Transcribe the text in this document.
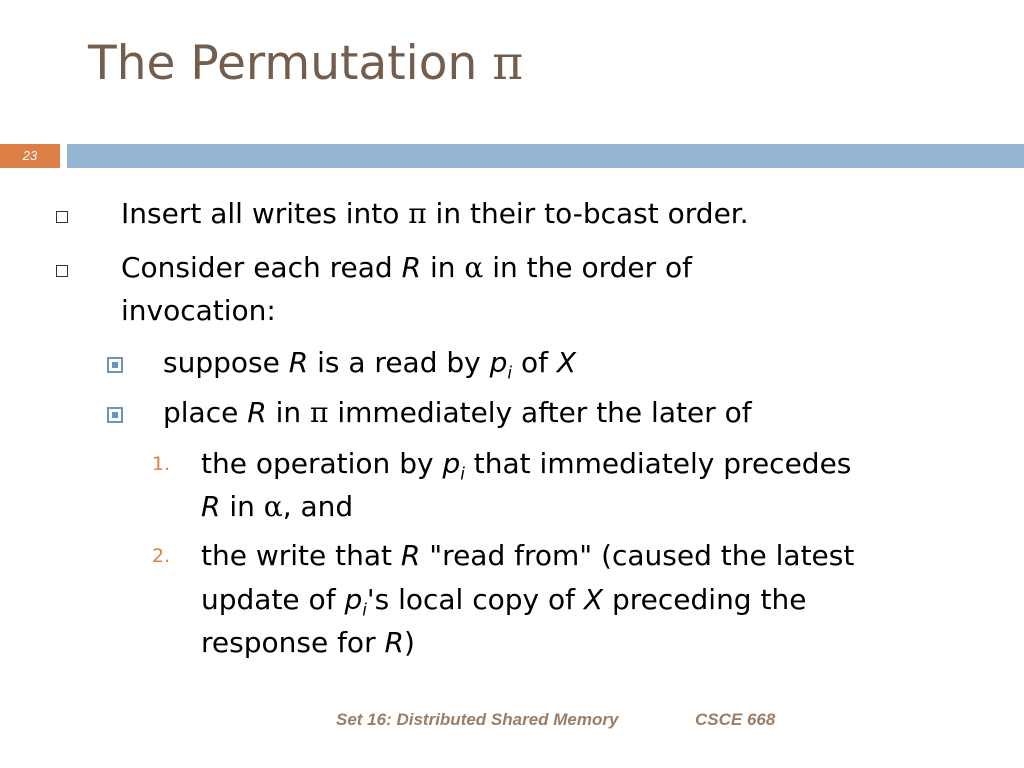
The Permutation π
23
Insert all writes into π in their to-bcast order.
Consider each read R in α in the order of
invocation:
suppose R is a read by $p_i$ of X
place R in π immediately after the later of
1. the operation by $p_i$ that immediately precedes
R in α, and
2. the write that R "read from" (caused the latest
update of $p_i's$ local copy of X preceding the
response for R)
Set 16: Distributed Shared Memory	CSCE 668
